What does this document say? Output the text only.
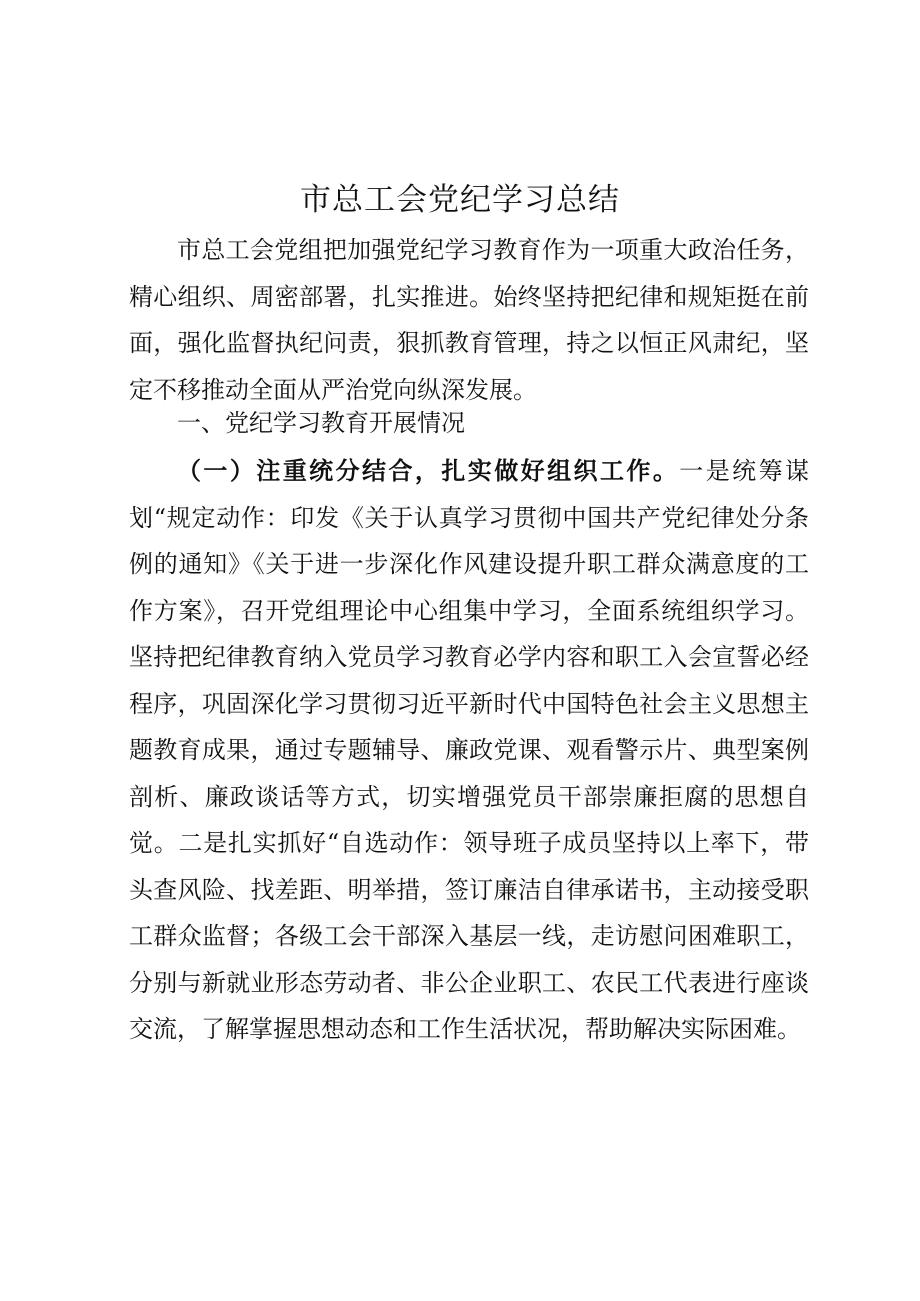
市总工会党纪学习总结

市总工会党组把加强党纪学习教育作为一项重大政治任务，精心组织、周密部署，扎实推进。始终坚持把纪律和规矩挺在前面，强化监督执纪问责，狠抓教育管理，持之以恒正风肃纪，坚定不移推动全面从严治党向纵深发展。

一、党纪学习教育开展情况

（一）注重统分结合，扎实做好组织工作。一是统筹谋划“规定动作：印发《关于认真学习贯彻中国共产党纪律处分条例的通知》《关于进一步深化作风建设提升职工群众满意度的工作方案》，召开党组理论中心组集中学习，全面系统组织学习。坚持把纪律教育纳入党员学习教育必学内容和职工入会宣誓必经程序，巩固深化学习贯彻习近平新时代中国特色社会主义思想主题教育成果，通过专题辅导、廉政党课、观看警示片、典型案例剖析、廉政谈话等方式，切实增强党员干部崇廉拒腐的思想自觉。二是扎实抓好“自选动作：领导班子成员坚持以上率下，带头查风险、找差距、明举措，签订廉洁自律承诺书，主动接受职工群众监督；各级工会干部深入基层一线，走访慰问困难职工，分别与新就业形态劳动者、非公企业职工、农民工代表进行座谈交流，了解掌握思想动态和工作生活状况，帮助解决实际困难。
